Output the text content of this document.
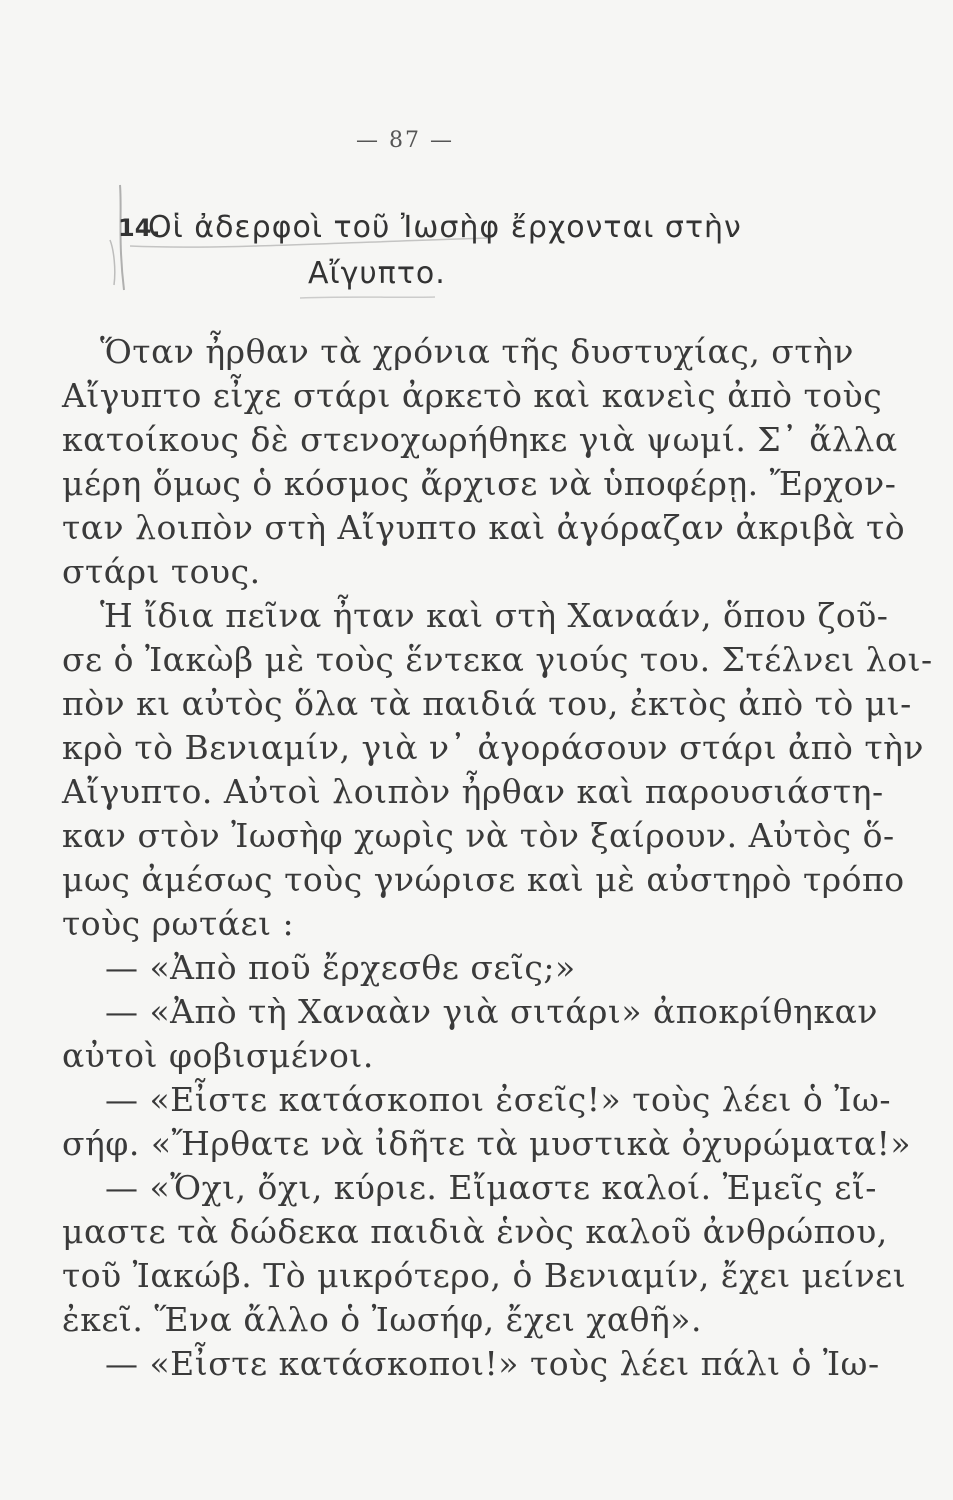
— 87 —
14.
Οἱ ἀδερφοὶ τοῦ Ἰωσὴφ ἔρχονται στὴν
Αἴγυπτο.
Ὅταν ἦρθαν τὰ χρόνια τῆς δυστυχίας, στὴν
Αἴγυπτο εἶχε στάρι ἀρκετὸ καὶ κανεὶς ἀπὸ τοὺς
κατοίκους δὲ στενοχωρήθηκε γιὰ ψωμί. Σ᾽ ἄλλα
μέρη ὅμως ὁ κόσμος ἄρχισε νὰ ὑποφέρῃ. Ἔρχον-
ταν λοιπὸν στὴ Αἴγυπτο καὶ ἀγόραζαν ἀκριβὰ τὸ
στάρι τους.
Ἡ ἴδια πεῖνα ἦταν καὶ στὴ Χαναάν, ὅπου ζοῦ-
σε ὁ Ἰακὼβ μὲ τοὺς ἕντεκα γιούς του. Στέλνει λοι-
πὸν κι αὐτὸς ὅλα τὰ παιδιά του, ἐκτὸς ἀπὸ τὸ μι-
κρὸ τὸ Βενιαμίν, γιὰ ν᾽ ἀγοράσουν στάρι ἀπὸ τὴν
Αἴγυπτο. Αὐτοὶ λοιπὸν ἦρθαν καὶ παρουσιάστη-
καν στὸν Ἰωσὴφ χωρὶς νὰ τὸν ξαίρουν. Αὐτὸς ὅ-
μως ἀμέσως τοὺς γνώρισε καὶ μὲ αὐστηρὸ τρόπο
τοὺς ρωτάει :
— «Ἀπὸ ποῦ ἔρχεσθε σεῖς;»
— «Ἀπὸ τὴ Χαναὰν γιὰ σιτάρι» ἀποκρίθηκαν
αὐτοὶ φοβισμένοι.
— «Εἶστε κατάσκοποι ἐσεῖς!» τοὺς λέει ὁ Ἰω-
σήφ. «Ἤρθατε νὰ ἰδῆτε τὰ μυστικὰ ὀχυρώματα!»
— «Ὄχι, ὄχι, κύριε. Εἴμαστε καλοί. Ἐμεῖς εἴ-
μαστε τὰ δώδεκα παιδιὰ ἑνὸς καλοῦ ἀνθρώπου,
τοῦ Ἰακώβ. Τὸ μικρότερο, ὁ Βενιαμίν, ἔχει μείνει
ἐκεῖ. Ἕνα ἄλλο ὁ Ἰωσήφ, ἔχει χαθῆ».
— «Εἶστε κατάσκοποι!» τοὺς λέει πάλι ὁ Ἰω-
